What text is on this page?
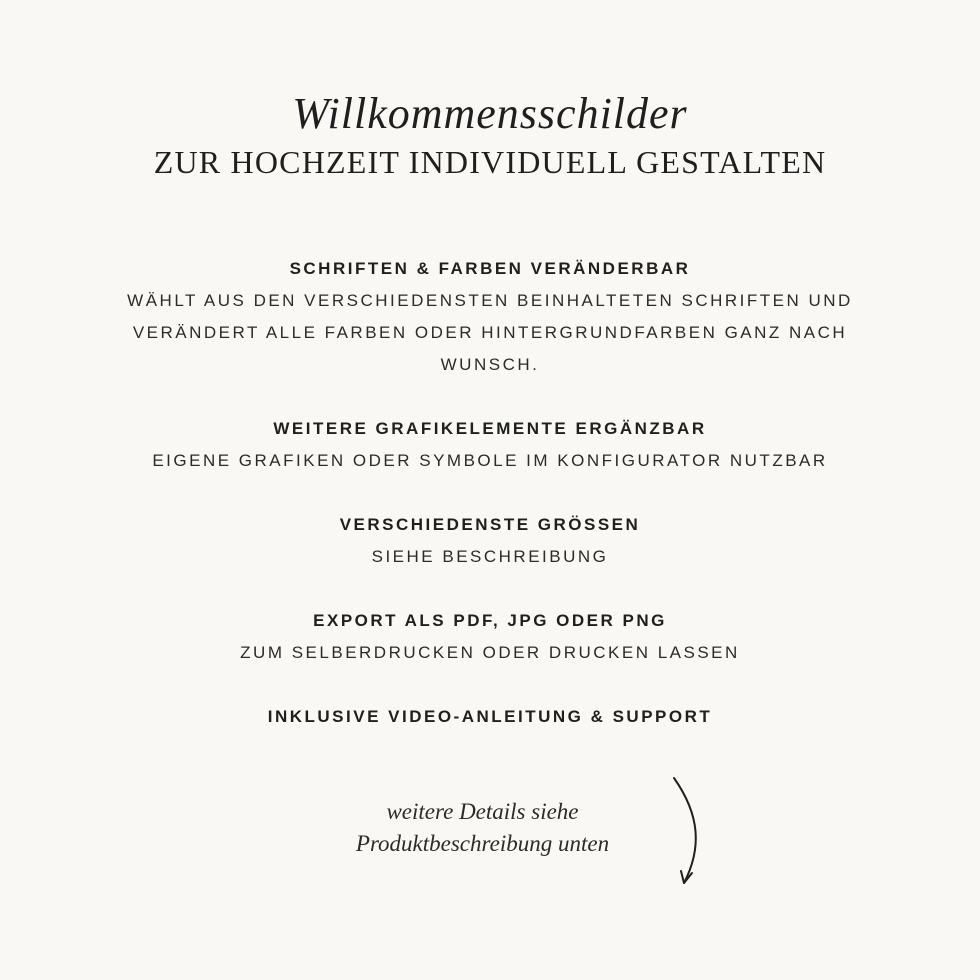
Willkommensschilder
ZUR HOCHZEIT INDIVIDUELL GESTALTEN
SCHRIFTEN & FARBEN VERÄNDERBAR
WÄHLT AUS DEN VERSCHIEDENSTEN BEINHALTETEN SCHRIFTEN UND VERÄNDERT ALLE FARBEN ODER HINTERGRUNDFARBEN GANZ NACH WUNSCH.
WEITERE GRAFIKELEMENTE ERGÄNZBAR
EIGENE GRAFIKEN ODER SYMBOLE IM KONFIGURATOR NUTZBAR
VERSCHIEDENSTE GRÖSSEN
SIEHE BESCHREIBUNG
EXPORT ALS PDF, JPG ODER PNG
ZUM SELBERDRUCKEN ODER DRUCKEN LASSEN
INKLUSIVE VIDEO-ANLEITUNG & SUPPORT
weitere Details siehe
Produktbeschreibung unten
